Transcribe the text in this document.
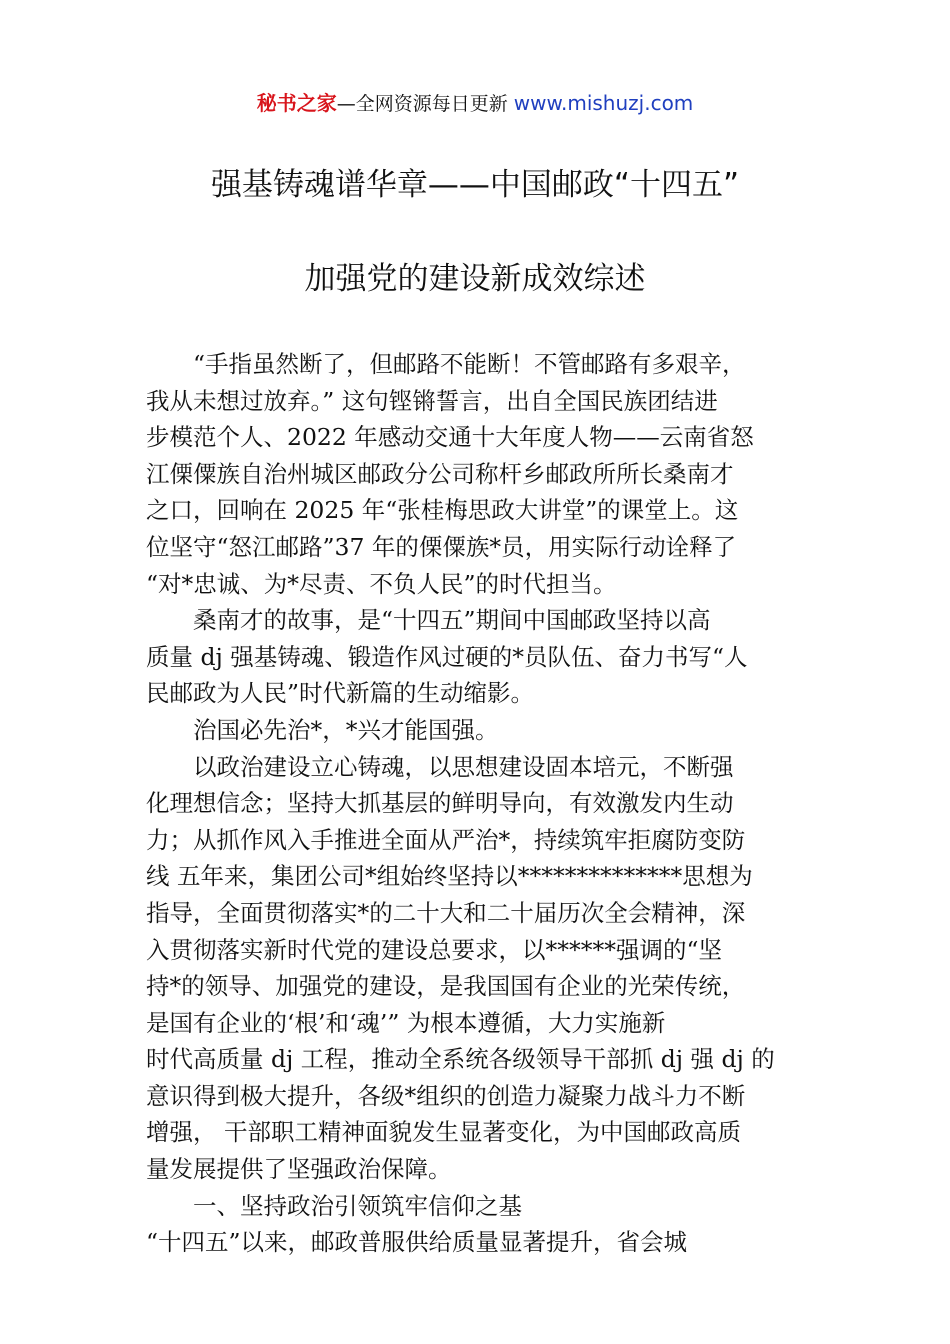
秘书之家—全网资源每日更新 www.mishuzj.com
强基铸魂谱华章——中国邮政“十四五”
加强党的建设新成效综述
“手指虽然断了，但邮路不能断！不管邮路有多艰辛，
我从未想过放弃。” 这句铿锵誓言，出自全国民族团结进
步模范个人、2022 年感动交通十大年度人物——云南省怒
江傈僳族自治州城区邮政分公司称杆乡邮政所所长桑南才
之口，回响在 2025 年“张桂梅思政大讲堂”的课堂上。这
位坚守“怒江邮路”37 年的傈僳族*员，用实际行动诠释了
“对*忠诚、为*尽责、不负人民”的时代担当。
桑南才的故事，是“十四五”期间中国邮政坚持以高
质量 dj 强基铸魂、锻造作风过硬的*员队伍、奋力书写“人
民邮政为人民”时代新篇的生动缩影。
治国必先治*，*兴才能国强。
以政治建设立心铸魂，以思想建设固本培元，不断强
化理想信念；坚持大抓基层的鲜明导向，有效激发内生动
力；从抓作风入手推进全面从严治*，持续筑牢拒腐防变防
线 五年来，集团公司*组始终坚持以**************思想为
指导，全面贯彻落实*的二十大和二十届历次全会精神，深
入贯彻落实新时代党的建设总要求，以******强调的“坚
持*的领导、加强党的建设，是我国国有企业的光荣传统，
是国有企业的‘根’和‘魂’” 为根本遵循，大力实施新
时代高质量 dj 工程，推动全系统各级领导干部抓 dj 强 dj 的
意识得到极大提升，各级*组织的创造力凝聚力战斗力不断
增强， 干部职工精神面貌发生显著变化，为中国邮政高质
量发展提供了坚强政治保障。
一、坚持政治引领筑牢信仰之基
“十四五”以来，邮政普服供给质量显著提升，省会城
